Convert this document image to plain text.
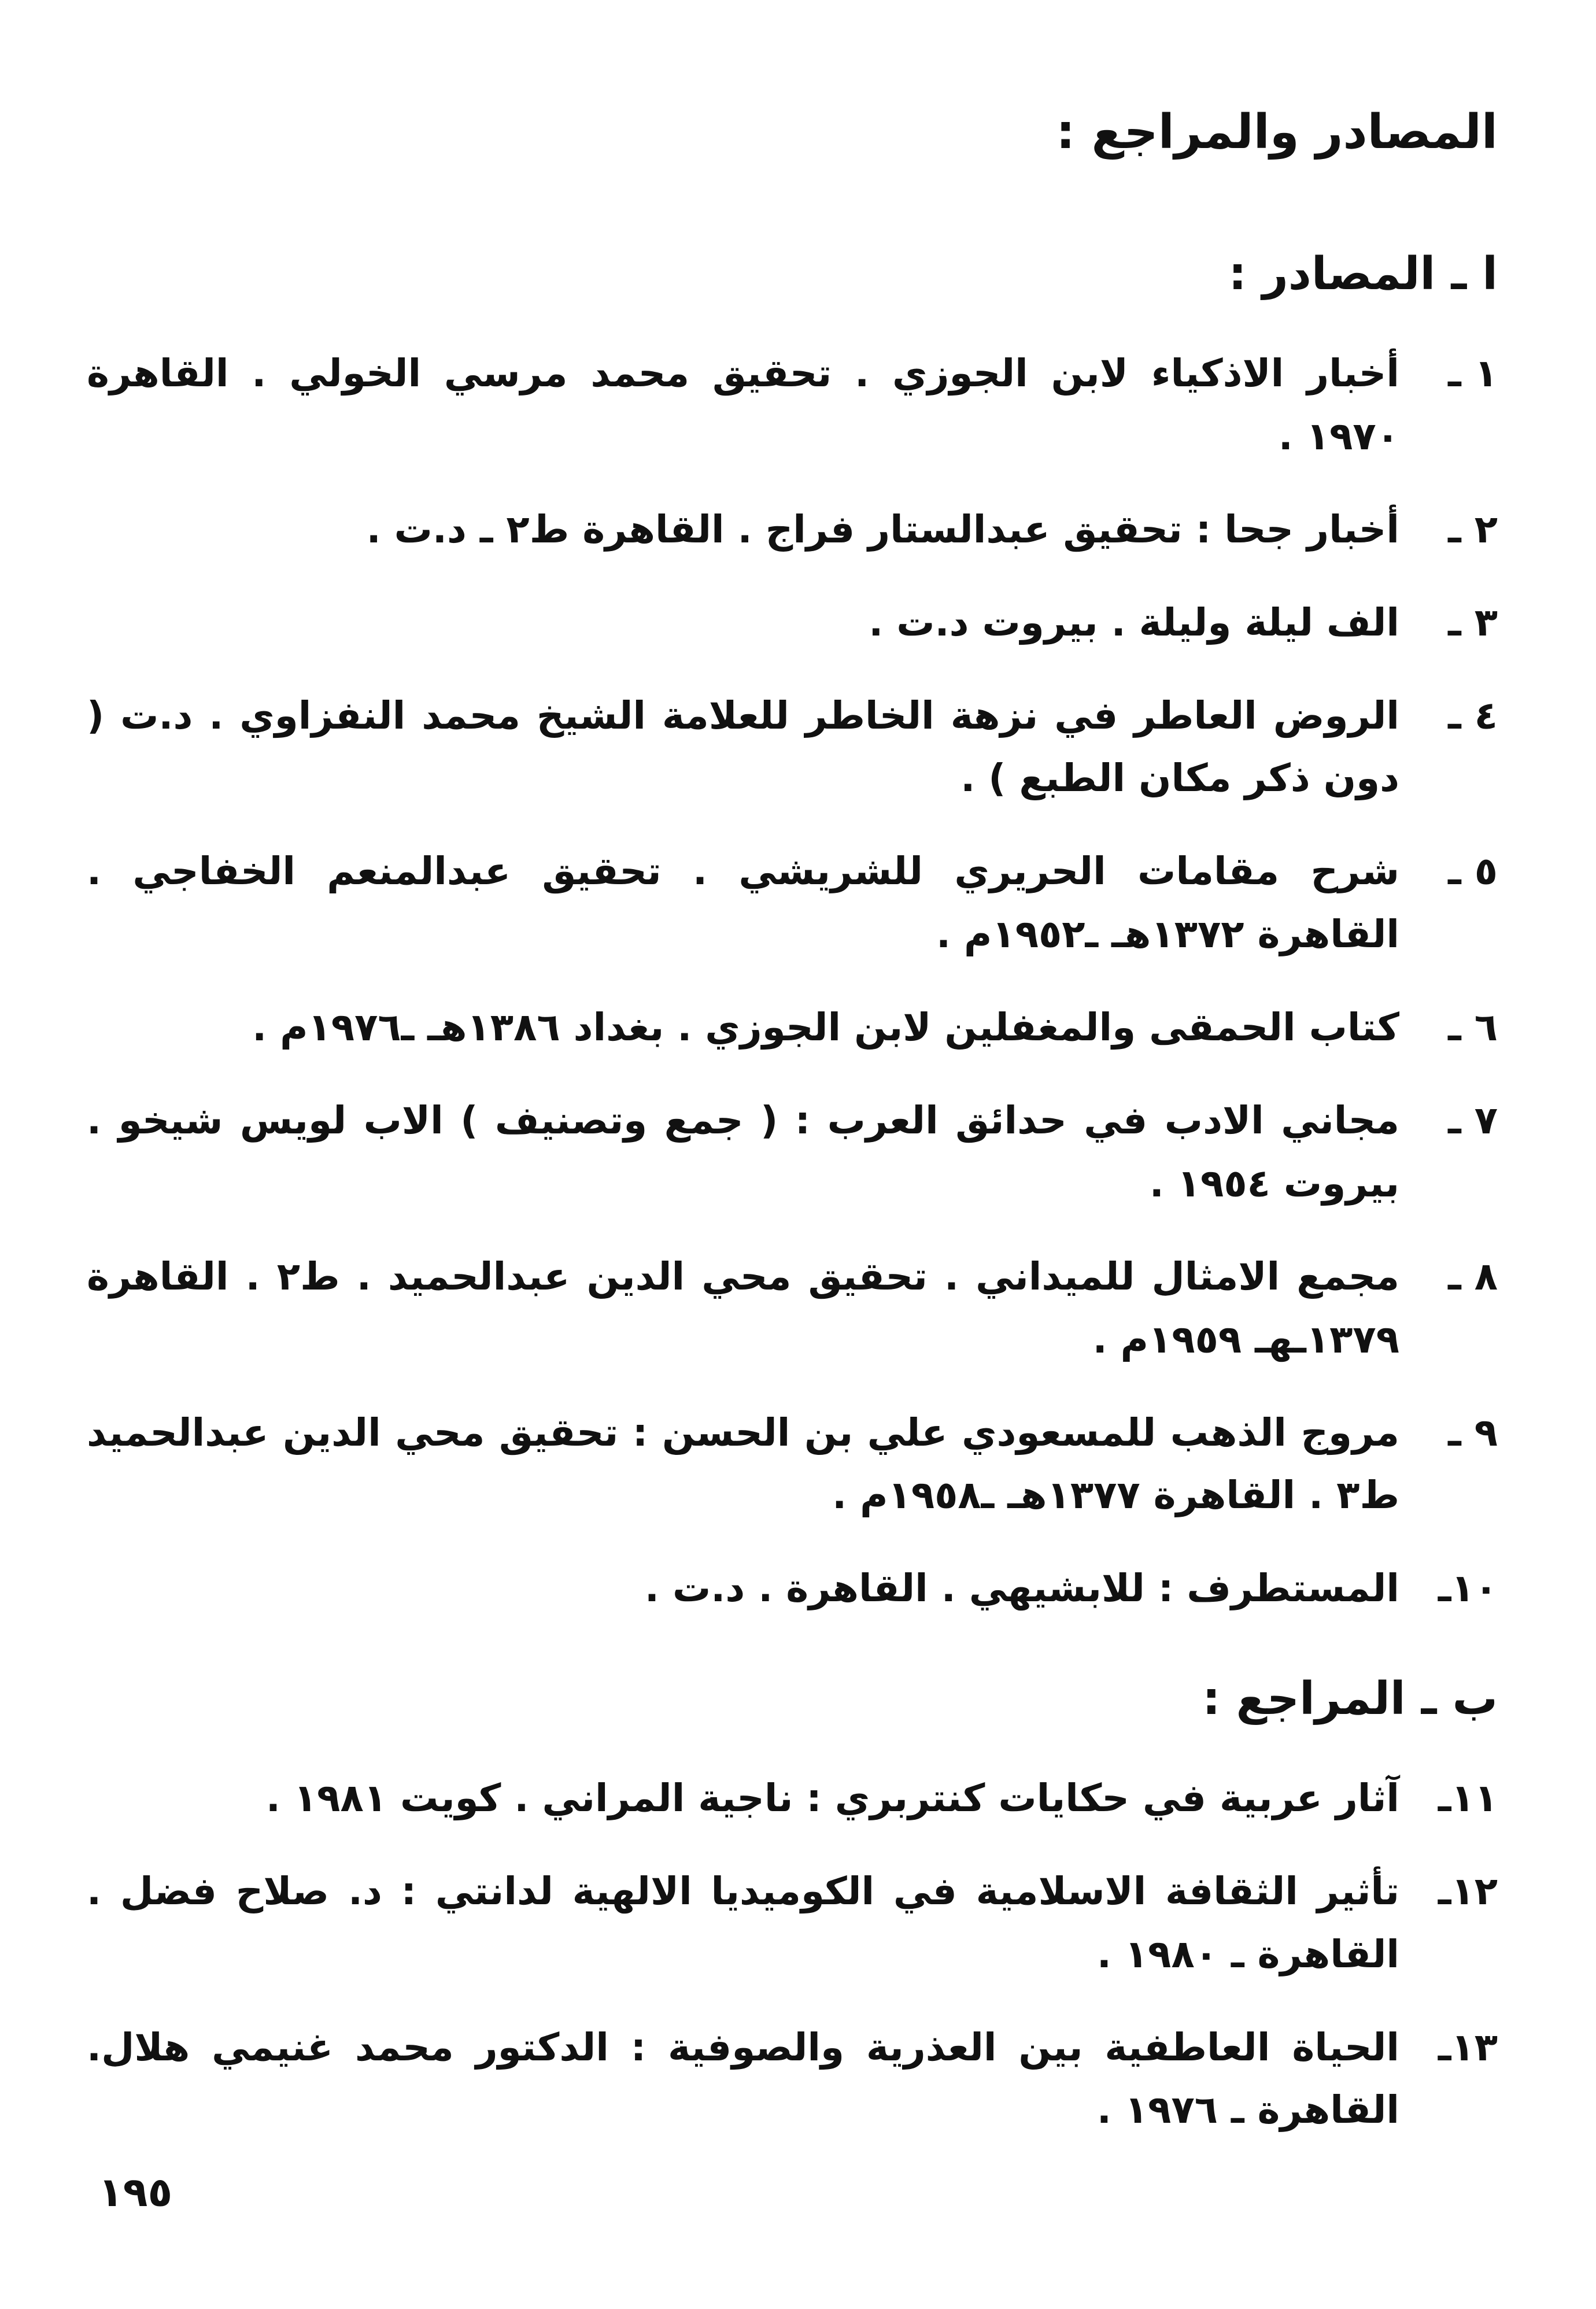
المصادر والمراجع :
ا ـ المصادر :
١ ـ
أخبار الاذكياء لابن الجوزي . تحقيق محمد مرسي الخولي . القاهرة ١٩٧٠ .
٢ ـ
أخبار جحا : تحقيق عبدالستار فراج . القاهرة ط٢ ـ د.ت .
٣ ـ
الف ليلة وليلة . بيروت د.ت .
٤ ـ
الروض العاطر في نزهة الخاطر للعلامة الشيخ محمد النفزاوي . د.ت ( دون ذكر مكان الطبع ) .
٥ ـ
شرح مقامات الحريري للشريشي . تحقيق عبدالمنعم الخفاجي . القاهرة ١٣٧٢هـ ـ١٩٥٢م .
٦ ـ
كتاب الحمقى والمغفلين لابن الجوزي . بغداد ١٣٨٦هـ ـ١٩٧٦م .
٧ ـ
مجاني الادب في حدائق العرب : ( جمع وتصنيف ) الاب لويس شيخو . بيروت ١٩٥٤ .
٨ ـ
مجمع الامثال للميداني . تحقيق محي الدين عبدالحميد . ط٢ . القاهرة ١٣٧٩ـهـ ١٩٥٩م .
٩ ـ
مروج الذهب للمسعودي علي بن الحسن : تحقيق محي الدين عبدالحميد ط٣ . القاهرة ١٣٧٧هـ ـ١٩٥٨م .
١٠ـ
المستطرف : للابشيهي . القاهرة . د.ت .
ب ـ المراجع :
١١ـ
آثار عربية في حكايات كنتربري : ناجية المراني . كويت ١٩٨١ .
١٢ـ
تأثير الثقافة الاسلامية في الكوميديا الالهية لدانتي : د. صلاح فضل . القاهرة ـ ١٩٨٠ .
١٣ـ
الحياة العاطفية بين العذرية والصوفية : الدكتور محمد غنيمي هلال. القاهرة ـ ١٩٧٦ .
١٩٥
